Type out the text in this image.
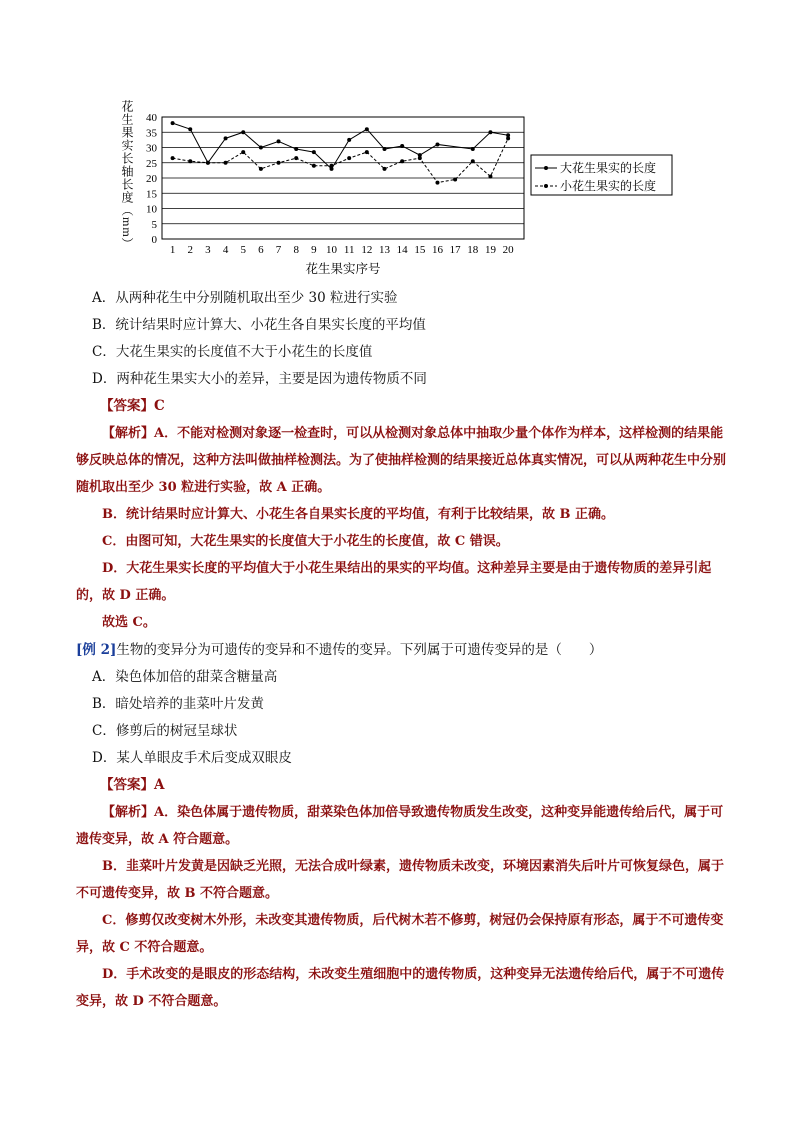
0
5
10
15
20
25
30
35
40
1 2 3 4 5 6 7 8 9 10 11 12 13 14 15 16 17 18 19 20
花生果实长轴长度（mm）
花生果实序号
大花生果实的长度
小花生果实的长度
A．从两种花生中分别随机取出至少 30 粒进行实验
B．统计结果时应计算大、小花生各自果实长度的平均值
C．大花生果实的长度值不大于小花生的长度值
D．两种花生果实大小的差异，主要是因为遗传物质不同
【答案】C
【解析】A．不能对检测对象逐一检查时，可以从检测对象总体中抽取少量个体作为样本，这样检测的结果能够反映总体的情况，这种方法叫做抽样检测法。为了使抽样检测的结果接近总体真实情况，可以从两种花生中分别随机取出至少 30 粒进行实验，故 A 正确。
B．统计结果时应计算大、小花生各自果实长度的平均值，有利于比较结果，故 B 正确。
C．由图可知，大花生果实的长度值大于小花生的长度值，故 C 错误。
D．大花生果实长度的平均值大于小花生果结出的果实的平均值。这种差异主要是由于遗传物质的差异引起的，故 D 正确。
故选 C。
[例 2]生物的变异分为可遗传的变异和不遗传的变异。下列属于可遗传变异的是（　　）
A．染色体加倍的甜菜含糖量高
B．暗处培养的韭菜叶片发黄
C．修剪后的树冠呈球状
D．某人单眼皮手术后变成双眼皮
【答案】A
【解析】A．染色体属于遗传物质，甜菜染色体加倍导致遗传物质发生改变，这种变异能遗传给后代，属于可遗传变异，故 A 符合题意。
B．韭菜叶片发黄是因缺乏光照，无法合成叶绿素，遗传物质未改变，环境因素消失后叶片可恢复绿色，属于不可遗传变异，故 B 不符合题意。
C．修剪仅改变树木外形，未改变其遗传物质，后代树木若不修剪，树冠仍会保持原有形态，属于不可遗传变异，故 C 不符合题意。
D．手术改变的是眼皮的形态结构，未改变生殖细胞中的遗传物质，这种变异无法遗传给后代，属于不可遗传变异，故 D 不符合题意。
